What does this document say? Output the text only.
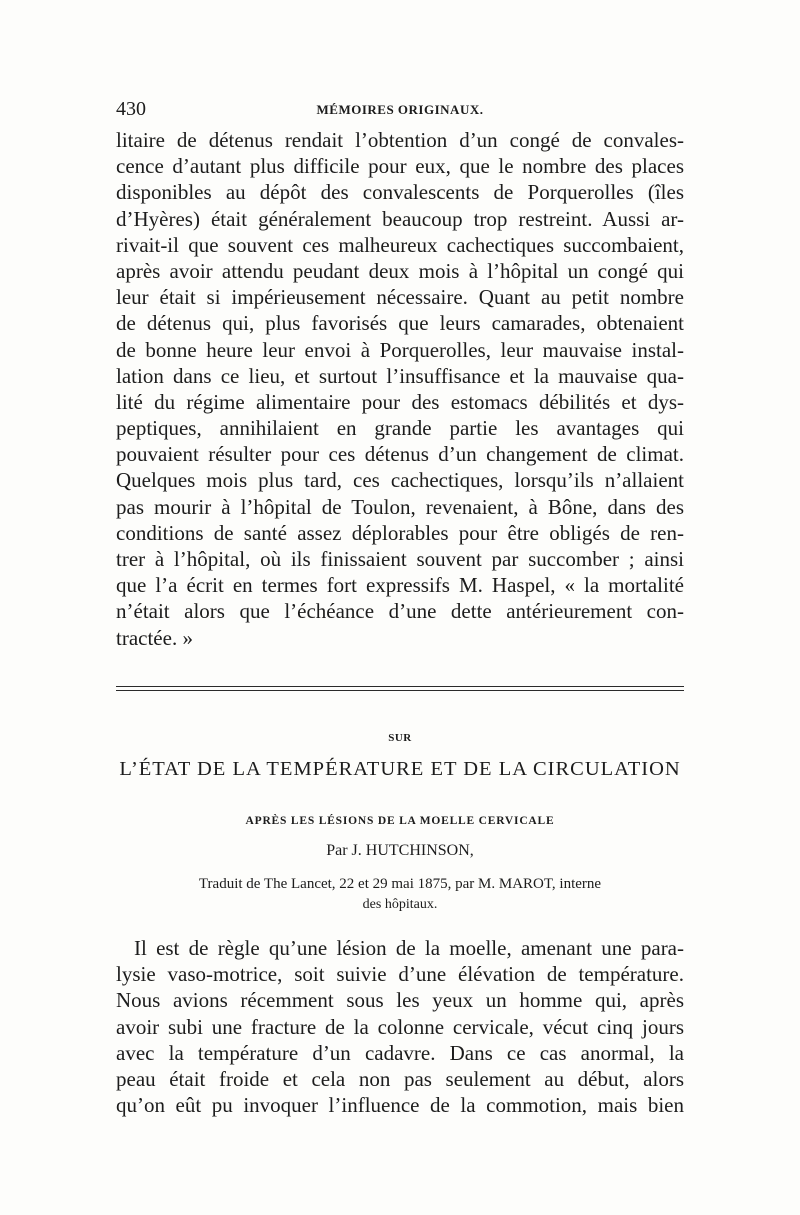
430	MÉMOIRES ORIGINAUX.
litaire de détenus rendait l’obtention d’un congé de convales-
cence d’autant plus difficile pour eux, que le nombre des places
disponibles au dépôt des convalescents de Porquerolles (îles
d’Hyères) était généralement beaucoup trop restreint. Aussi ar-
rivait-il que souvent ces malheureux cachectiques succombaient,
après avoir attendu peudant deux mois à l’hôpital un congé qui
leur était si impérieusement nécessaire. Quant au petit nombre
de détenus qui, plus favorisés que leurs camarades, obtenaient
de bonne heure leur envoi à Porquerolles, leur mauvaise instal-
lation dans ce lieu, et surtout l’insuffisance et la mauvaise qua-
lité du régime alimentaire pour des estomacs débilités et dys-
peptiques, annihilaient en grande partie les avantages qui
pouvaient résulter pour ces détenus d’un changement de climat.
Quelques mois plus tard, ces cachectiques, lorsqu’ils n’allaient
pas mourir à l’hôpital de Toulon, revenaient, à Bône, dans des
conditions de santé assez déplorables pour être obligés de ren-
trer à l’hôpital, où ils finissaient souvent par succomber ; ainsi
que l’a écrit en termes fort expressifs M. Haspel, « la mortalité
n’était alors que l’échéance d’une dette antérieurement con-
tractée. »
SUR
L’ÉTAT DE LA TEMPÉRATURE ET DE LA CIRCULATION
APRÈS LES LÉSIONS DE LA MOELLE CERVICALE
Par J. HUTCHINSON,
Traduit de The Lancet, 22 et 29 mai 1875, par M. MAROT, interne
des hôpitaux.
Il est de règle qu’une lésion de la moelle, amenant une para-
lysie vaso-motrice, soit suivie d’une élévation de température.
Nous avions récemment sous les yeux un homme qui, après
avoir subi une fracture de la colonne cervicale, vécut cinq jours
avec la température d’un cadavre. Dans ce cas anormal, la
peau était froide et cela non pas seulement au début, alors
qu’on eût pu invoquer l’influence de la commotion, mais bien
